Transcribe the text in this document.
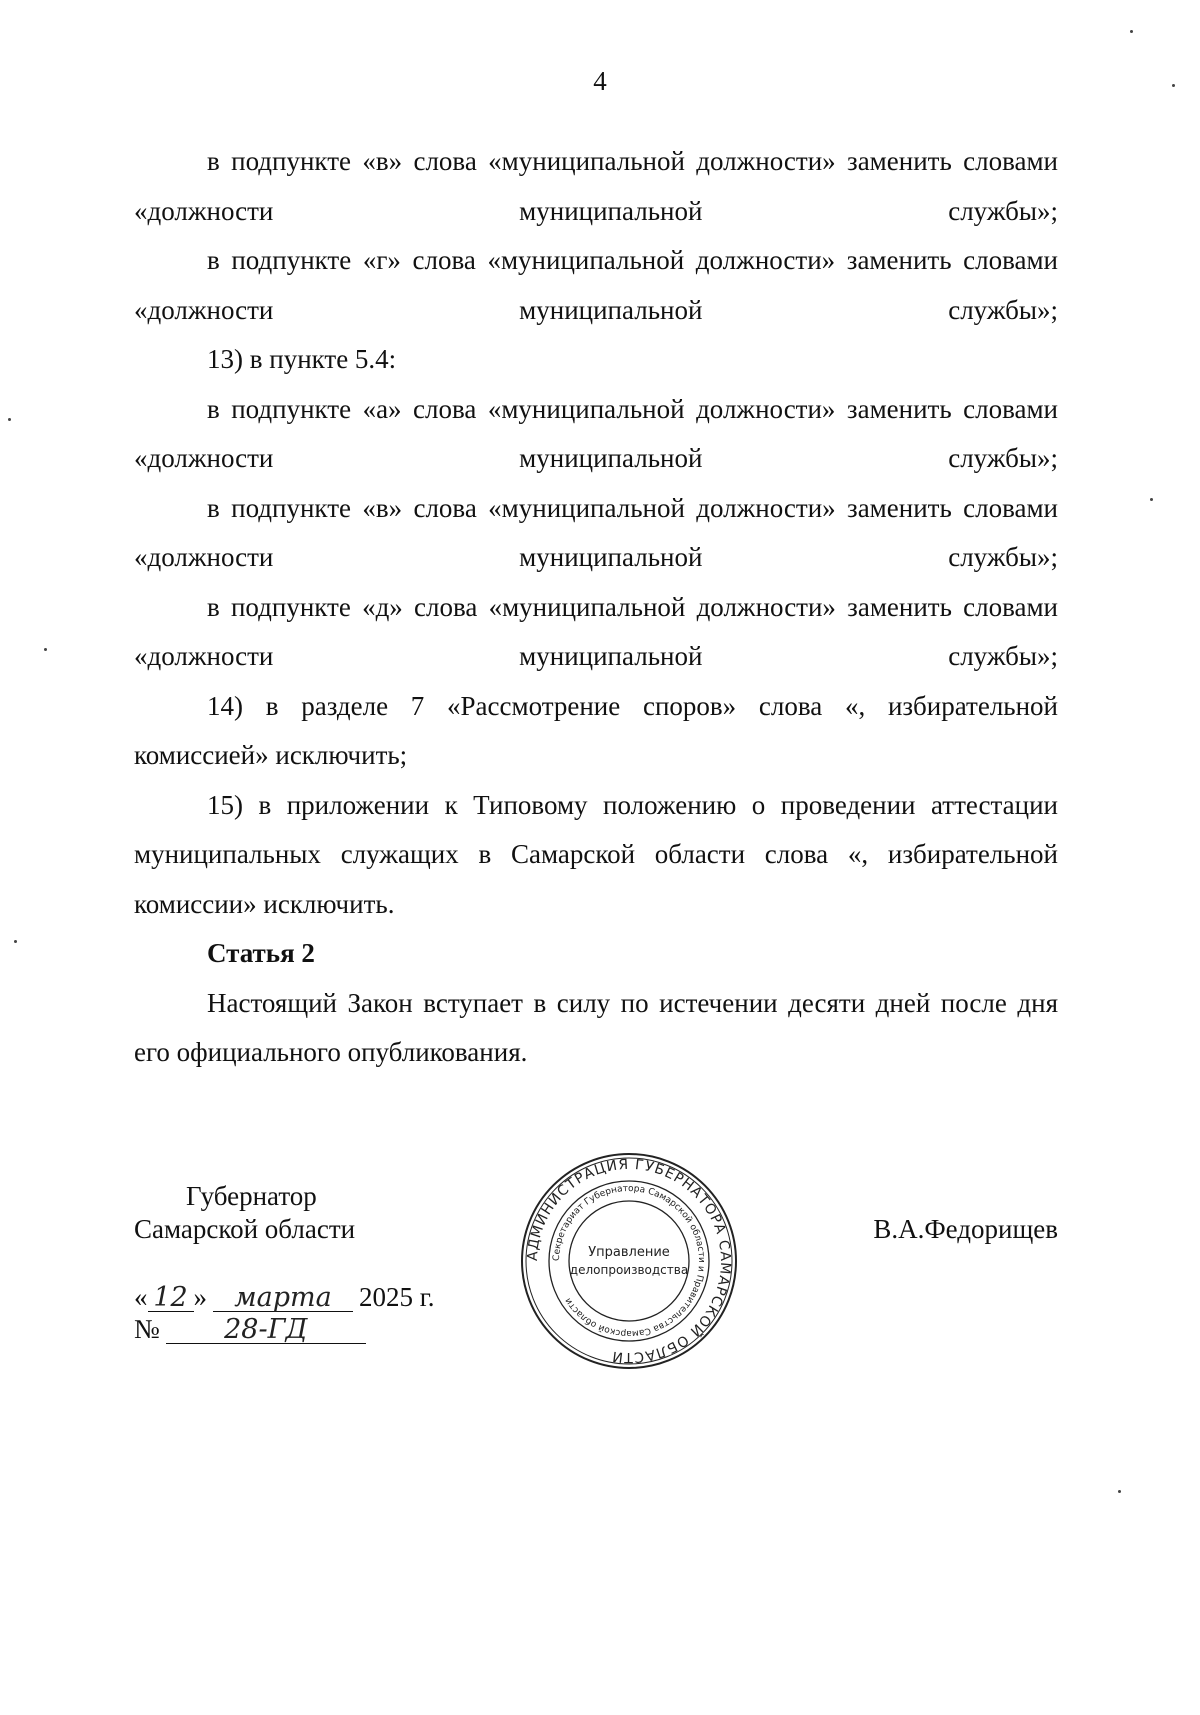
4

в подпункте «в» слова «муниципальной должности» заменить словами «должности муниципальной службы»;

в подпункте «г» слова «муниципальной должности» заменить словами «должности муниципальной службы»;

13) в пункте 5.4:

в подпункте «а» слова «муниципальной должности» заменить словами «должности муниципальной службы»;

в подпункте «в» слова «муниципальной должности» заменить словами «должности муниципальной службы»;

в подпункте «д» слова «муниципальной должности» заменить словами «должности муниципальной службы»;

14) в разделе 7 «Рассмотрение споров» слова «, избирательной комиссией» исключить;

15) в приложении к Типовому положению о проведении аттестации муниципальных служащих в Самарской области слова «, избирательной комиссии» исключить.

Статья 2

Настоящий Закон вступает в силу по истечении десяти дней после дня его официального опубликования.

Губернатор
Самарской области	В.А.Федорищев
« 12 » марта 2025 г.
№ 28-ГД
АДМИНИСТРАЦИЯ ГУБЕРНАТОРА САМАРСКОЙ ОБЛАСТИ
Секретариат Губернатора Самарской области и Правительства Самарской области
Управление
делопроизводства
